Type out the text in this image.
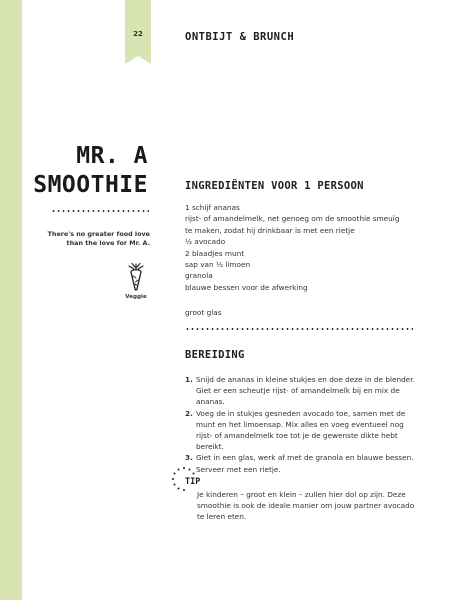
22	ONTBIJT & BRUNCH
MR. A
SMOOTHIE
There's no greater food love
than the love for Mr. A.
Veggie
INGREDIËNTEN VOOR 1 PERSOON
1 schijf ananas
rijst- of amandelmelk, net genoeg om de smoothie smeuïg
te maken, zodat hij drinkbaar is met een rietje
½ avocado
2 blaadjes munt
sap van ½ limoen
granola
blauwe bessen voor de afwerking
groot glas
BEREIDING
1. Snijd de ananas in kleine stukjes en doe deze in de blender. Giet er een scheutje rijst- of amandelmelk bij en mix de ananas.
2. Voeg de in stukjes gesneden avocado toe, samen met de munt en het limoensap. Mix alles en voeg eventueel nog rijst- of amandelmelk toe tot je de gewenste dikte hebt bereikt.
3. Giet in een glas, werk af met de granola en blauwe bessen. Serveer met een rietje.
TIP
Je kinderen – groot en klein – zullen hier dol op zijn. Deze smoothie is ook de ideale manier om jouw partner avocado te leren eten.
